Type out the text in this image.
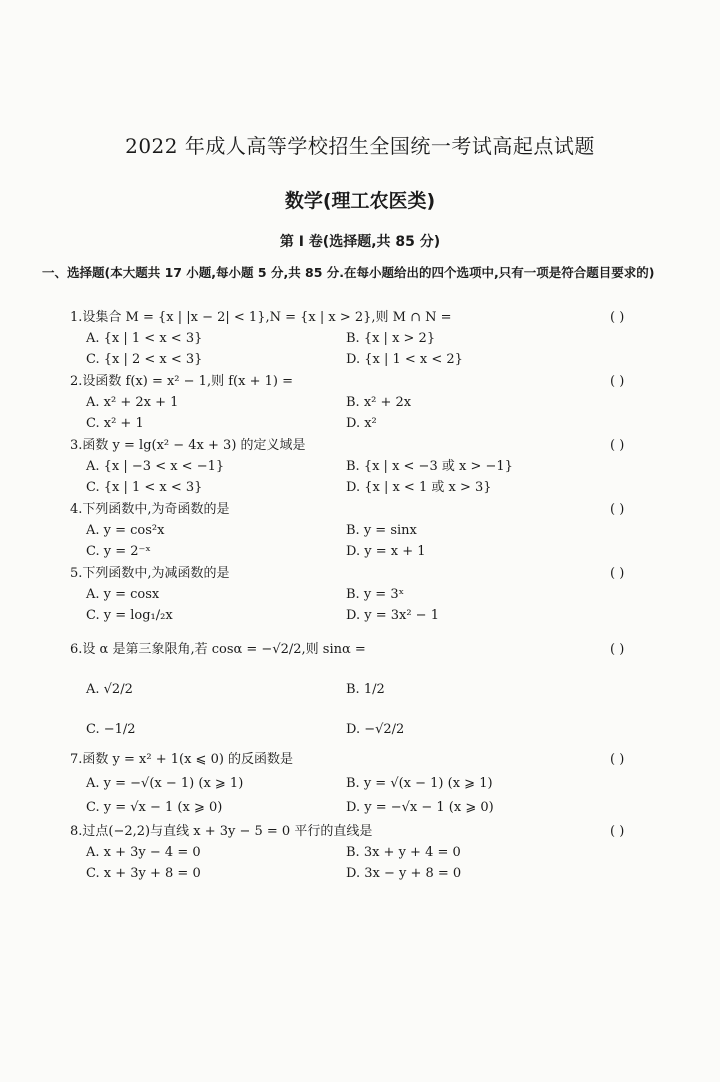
2022 年成人高等学校招生全国统一考试高起点试题
数学(理工农医类)
第 Ⅰ 卷(选择题,共 85 分)
一、选择题(本大题共 17 小题,每小题 5 分,共 85 分.在每小题给出的四个选项中,只有一项是符合题目要求的)
1.设集合 M = {x | |x − 2| < 1},N = {x | x > 2},则 M ∩ N =	( )
A. {x | 1 < x < 3}	B. {x | x > 2}
C. {x | 2 < x < 3}	D. {x | 1 < x < 2}
2.设函数 f(x) = x² − 1,则 f(x + 1) =	( )
A. x² + 2x + 1	B. x² + 2x
C. x² + 1	D. x²
3.函数 y = lg(x² − 4x + 3) 的定义域是	( )
A. {x | −3 < x < −1}	B. {x | x < −3 或 x > −1}
C. {x | 1 < x < 3}	D. {x | x < 1 或 x > 3}
4.下列函数中,为奇函数的是	( )
A. y = cos²x	B. y = sinx
C. y = 2⁻ˣ	D. y = x + 1
5.下列函数中,为减函数的是	( )
A. y = cosx	B. y = 3ˣ
C. y = log₁/₂x	D. y = 3x² − 1
6.设 α 是第三象限角,若 cosα = −√2/2,则 sinα =	( )
A. √2/2	B. 1/2
C. −1/2	D. −√2/2
7.函数 y = x² + 1(x ⩽ 0) 的反函数是	( )
A. y = −√(x − 1) (x ⩾ 1)	B. y = √(x − 1) (x ⩾ 1)
C. y = √x − 1 (x ⩾ 0)	D. y = −√x − 1 (x ⩾ 0)
8.过点(−2,2)与直线 x + 3y − 5 = 0 平行的直线是	( )
A. x + 3y − 4 = 0	B. 3x + y + 4 = 0
C. x + 3y + 8 = 0	D. 3x − y + 8 = 0
